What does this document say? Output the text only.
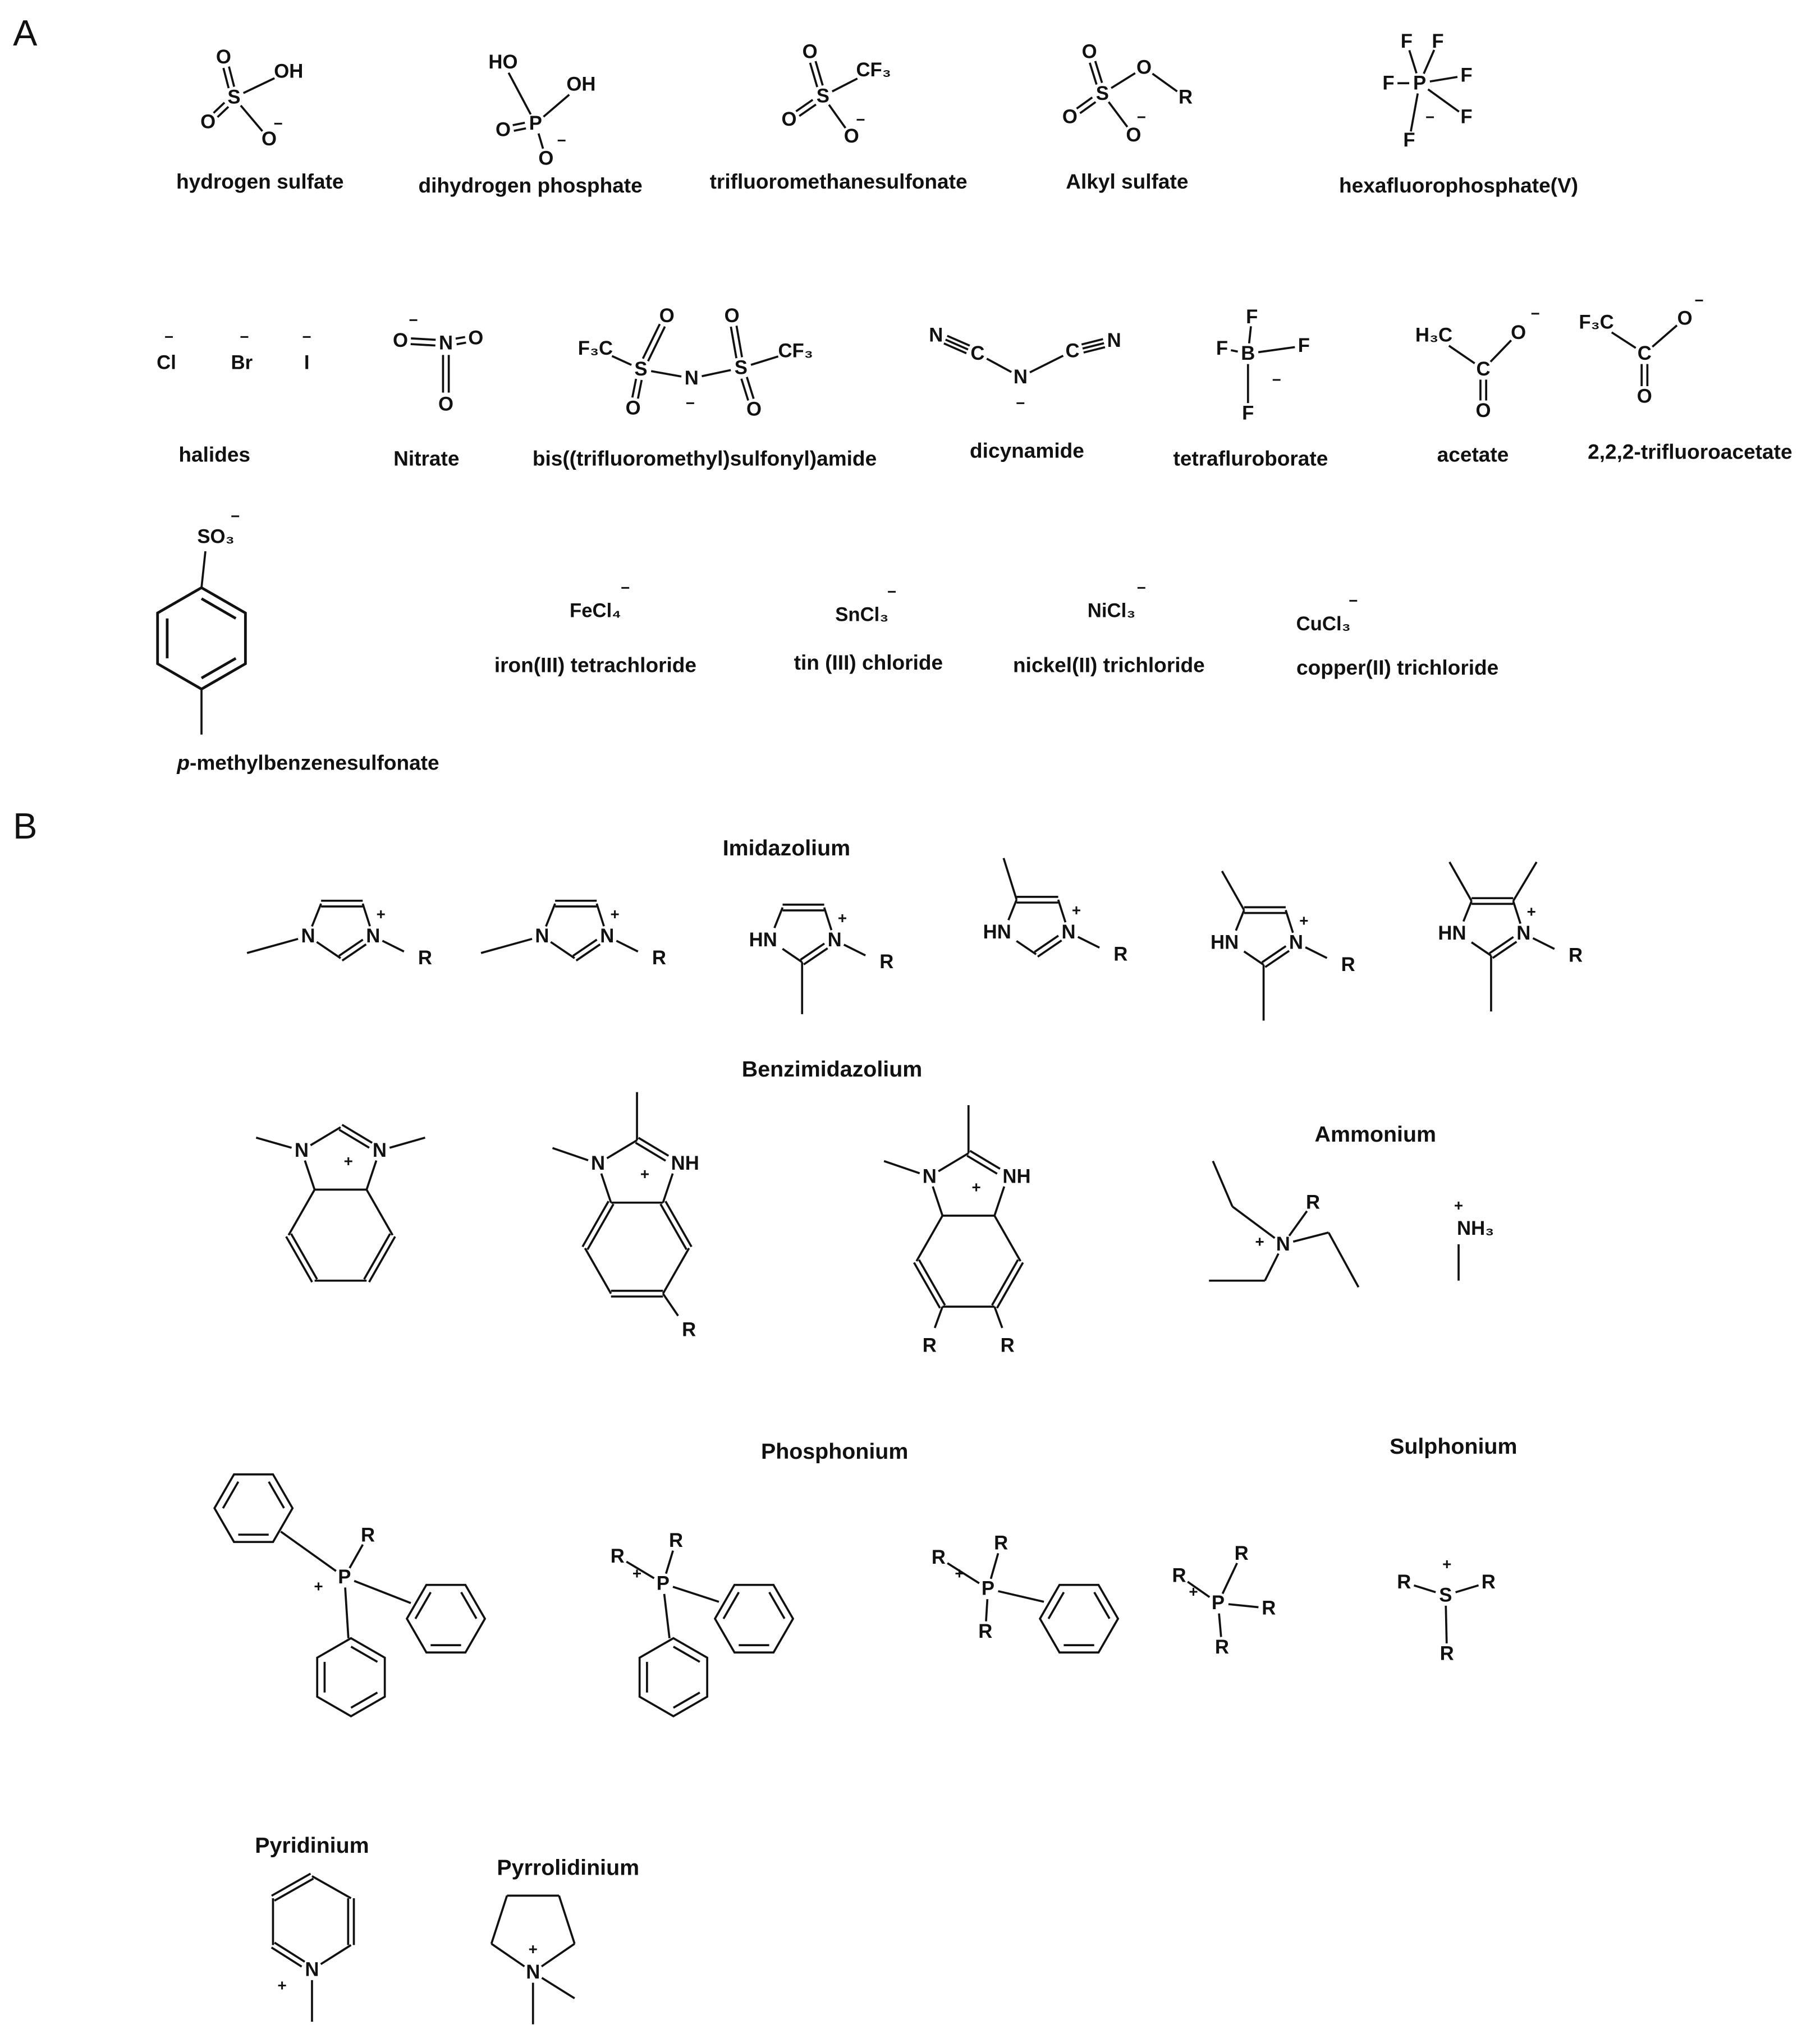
A
S
O
OH
O
O
−
hydrogen sulfate
P
HO
OH
O
O
−
dihydrogen phosphate
S
O
CF₃
O
O
−
trifluoromethanesulfonate
S
O
O
R
O
O
−
Alkyl sulfate
P
F F
F	F
F
F
−
hexafluorophosphate(V)
Cl	Br	I
−	−	−
halides
N
O	O
O
−
Nitrate
F₃C
S
O
O
N
−
S
O
O
CF₃
bis((trifluoromethyl)sulfonyl)amide
N
C
N
−
C	N
dicynamide
B
F
F	F
F
−
tetrafluroborate
H₃C
C
O
−
O
acetate
F₃C
C
O
−
O
2,2,2-trifluoroacetate
SO₃
−
p-methylbenzenesulfonate
FeCl₄
−
SnCl₃
−
NiCl₃
−
CuCl₃
−
iron(III) tetrachloride	tin (III) chloride	nickel(II) trichloride	copper(II) trichloride
B
Imidazolium
N	N
+
R
N	N
+
R
HN	N
+
R
HN	N
+
R
HN	N
+
R
HN	N
+
R
Benzimidazolium
N	N
+	N	NH
+
R
N	NH
+
R	R
Ammonium
N
+
R
NH₃
+
Phosphonium	Sulphonium
P
+
R
P
R
+
R
P
R
+
R
R
P
R
+
R
R
R
S
+
R	R
R
Pyridinium
N
+
Pyrrolidinium
N
+
